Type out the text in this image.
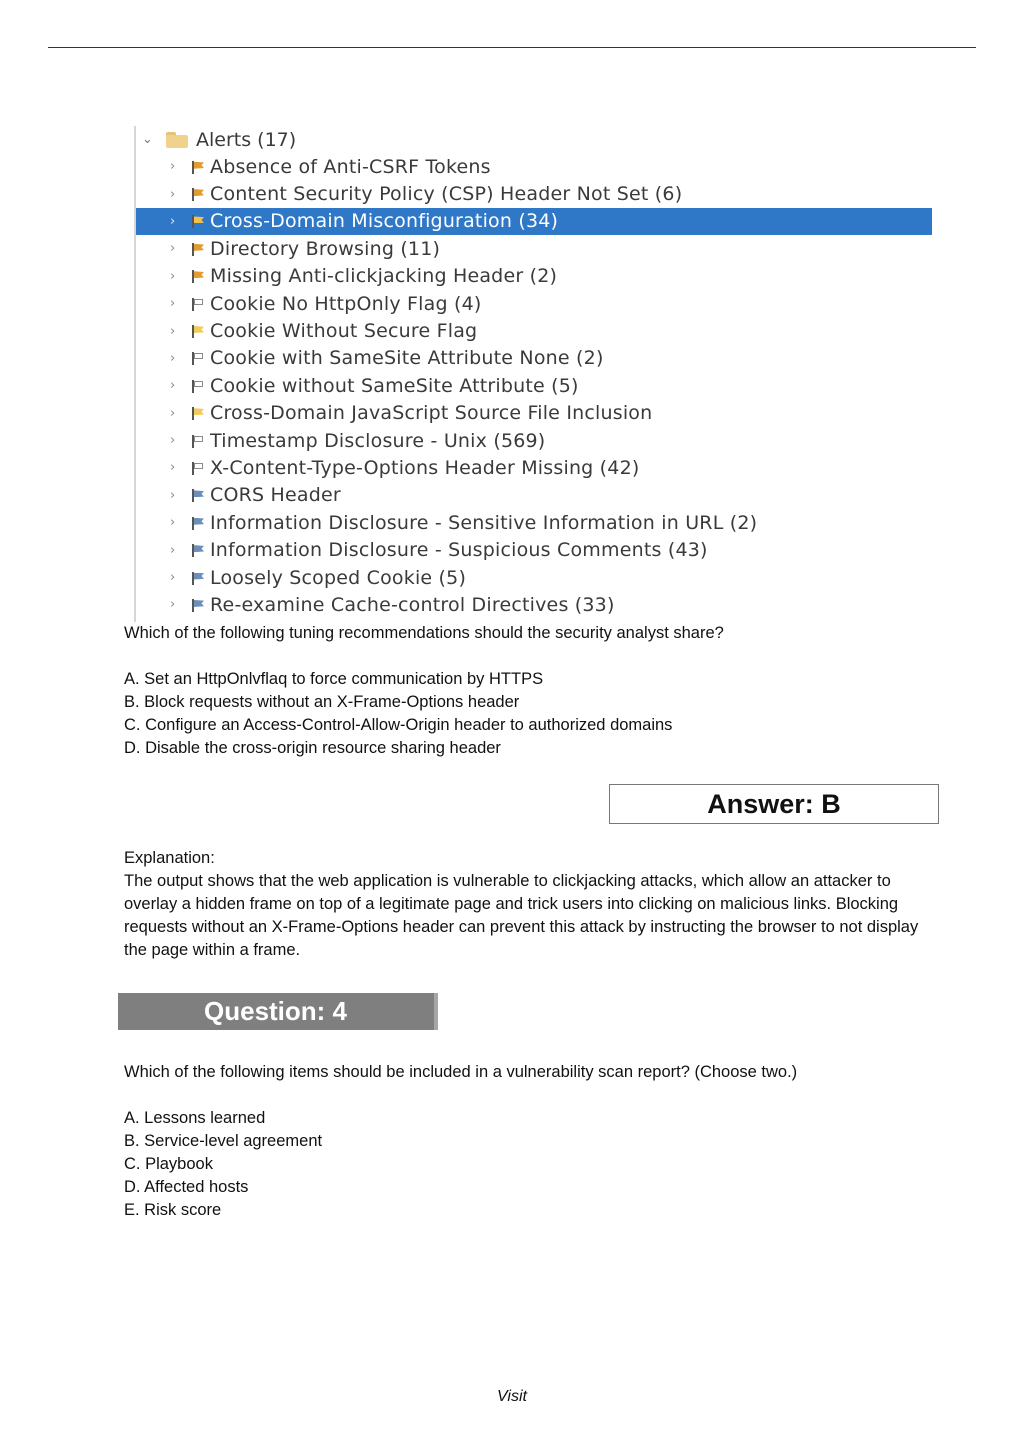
⌄ Alerts (17)
› Absence of Anti-CSRF Tokens
› Content Security Policy (CSP) Header Not Set (6)
› Cross-Domain Misconfiguration (34)
› Directory Browsing (11)
› Missing Anti-clickjacking Header (2)
› Cookie No HttpOnly Flag (4)
› Cookie Without Secure Flag
› Cookie with SameSite Attribute None (2)
› Cookie without SameSite Attribute (5)
› Cross-Domain JavaScript Source File Inclusion
› Timestamp Disclosure - Unix (569)
› X-Content-Type-Options Header Missing (42)
› CORS Header
› Information Disclosure - Sensitive Information in URL (2)
› Information Disclosure - Suspicious Comments (43)
› Loosely Scoped Cookie (5)
› Re-examine Cache-control Directives (33)
Which of the following tuning recommendations should the security analyst share?
A. Set an HttpOnlvflaq to force communication by HTTPS
B. Block requests without an X-Frame-Options header
C. Configure an Access-Control-Allow-Origin header to authorized domains
D. Disable the cross-origin resource sharing header
Answer: B

Explanation:

The output shows that the web application is vulnerable to clickjacking attacks, which allow an attacker to overlay a hidden frame on top of a legitimate page and trick users into clicking on malicious links. Blocking requests without an X-Frame-Options header can prevent this attack by instructing the browser to not display the page within a frame.

Question: 4
Which of the following items should be included in a vulnerability scan report? (Choose two.)
A. Lessons learned
B. Service-level agreement
C. Playbook
D. Affected hosts
E. Risk score
Visit
